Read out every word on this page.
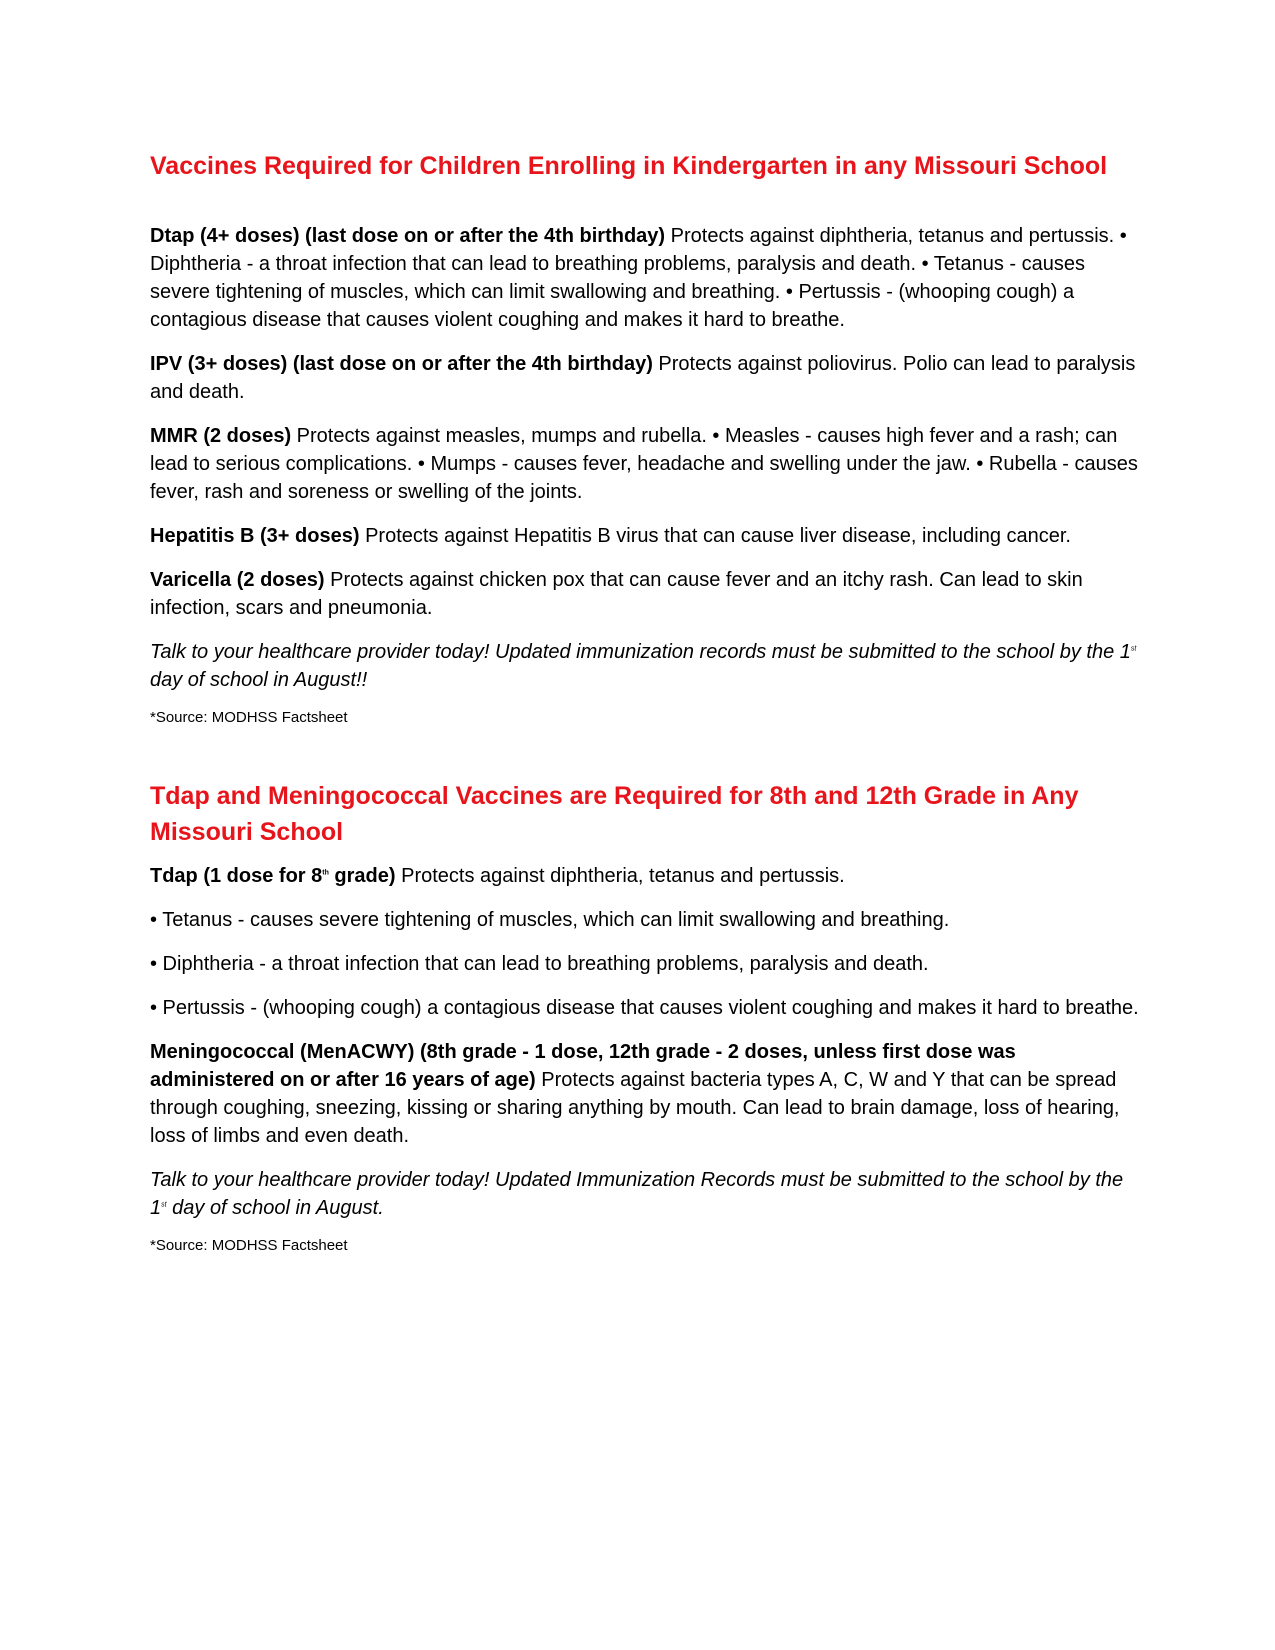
Vaccines Required for Children Enrolling in Kindergarten in any Missouri School

Dtap (4+ doses) (last dose on or after the 4th birthday) Protects against diphtheria, tetanus and pertussis. • Diphtheria - a throat infection that can lead to breathing problems, paralysis and death. • Tetanus - causes severe tightening of muscles, which can limit swallowing and breathing. • Pertussis - (whooping cough) a contagious disease that causes violent coughing and makes it hard to breathe.

IPV (3+ doses) (last dose on or after the 4th birthday) Protects against poliovirus. Polio can lead to paralysis and death.

MMR (2 doses) Protects against measles, mumps and rubella. • Measles - causes high fever and a rash; can lead to serious complications. • Mumps - causes fever, headache and swelling under the jaw. • Rubella - causes fever, rash and soreness or swelling of the joints.

Hepatitis B (3+ doses) Protects against Hepatitis B virus that can cause liver disease, including cancer.

Varicella (2 doses) Protects against chicken pox that can cause fever and an itchy rash. Can lead to skin infection, scars and pneumonia.

Talk to your healthcare provider today! Updated immunization records must be submitted to the school by the 1st day of school in August!!

*Source: MODHSS Factsheet

Tdap and Meningococcal Vaccines are Required for 8th and 12th Grade in Any Missouri School

Tdap (1 dose for 8th grade) Protects against diphtheria, tetanus and pertussis.

• Tetanus - causes severe tightening of muscles, which can limit swallowing and breathing.

• Diphtheria - a throat infection that can lead to breathing problems, paralysis and death.

• Pertussis - (whooping cough) a contagious disease that causes violent coughing and makes it hard to breathe.

Meningococcal (MenACWY) (8th grade - 1 dose, 12th grade - 2 doses, unless first dose was administered on or after 16 years of age) Protects against bacteria types A, C, W and Y that can be spread through coughing, sneezing, kissing or sharing anything by mouth. Can lead to brain damage, loss of hearing, loss of limbs and even death.

Talk to your healthcare provider today! Updated Immunization Records must be submitted to the school by the 1st day of school in August.

*Source: MODHSS Factsheet
